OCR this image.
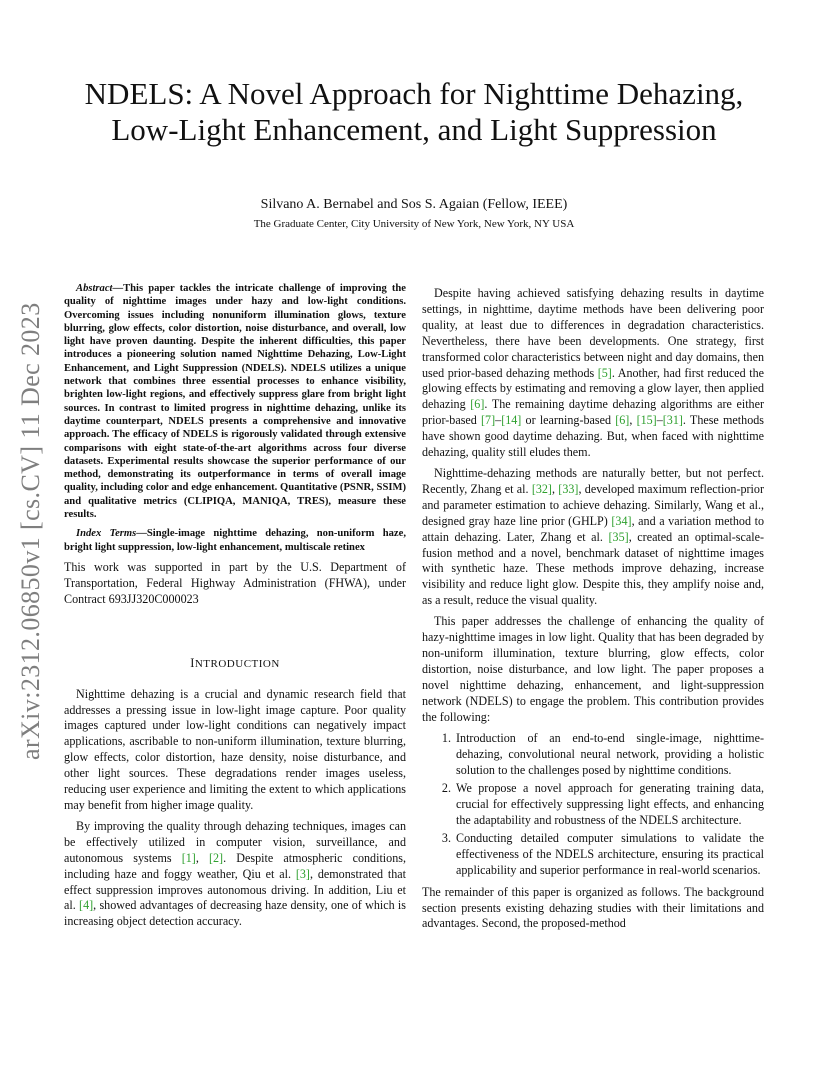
NDELS: A Novel Approach for Nighttime Dehazing, Low-Light Enhancement, and Light Suppression
Silvano A. Bernabel and Sos S. Agaian (Fellow, IEEE)
The Graduate Center, City University of New York, New York, NY USA
arXiv:2312.06850v1 [cs.CV] 11 Dec 2023

Abstract—This paper tackles the intricate challenge of improving the quality of nighttime images under hazy and low-light conditions. Overcoming issues including nonuniform illumination glows, texture blurring, glow effects, color distortion, noise disturbance, and overall, low light have proven daunting. Despite the inherent difficulties, this paper introduces a pioneering solution named Nighttime Dehazing, Low-Light Enhancement, and Light Suppression (NDELS). NDELS utilizes a unique network that combines three essential processes to enhance visibility, brighten low-light regions, and effectively suppress glare from bright light sources. In contrast to limited progress in nighttime dehazing, unlike its daytime counterpart, NDELS presents a comprehensive and innovative approach. The efficacy of NDELS is rigorously validated through extensive comparisons with eight state-of-the-art algorithms across four diverse datasets. Experimental results showcase the superior performance of our method, demonstrating its outperformance in terms of overall image quality, including color and edge enhancement. Quantitative (PSNR, SSIM) and qualitative metrics (CLIPIQA, MANIQA, TRES), measure these results.

Index Terms—Single-image nighttime dehazing, non-uniform haze, bright light suppression, low-light enhancement, multiscale retinex

This work was supported in part by the U.S. Department of Transportation, Federal Highway Administration (FHWA), under Contract 693JJ320C000023
INTRODUCTION

Nighttime dehazing is a crucial and dynamic research field that addresses a pressing issue in low-light image capture. Poor quality images captured under low-light conditions can negatively impact applications, ascribable to non-uniform illumination, texture blurring, glow effects, color distortion, haze density, noise disturbance, and other light sources. These degradations render images useless, reducing user experience and limiting the extent to which applications may benefit from higher image quality.

By improving the quality through dehazing techniques, images can be effectively utilized in computer vision, surveillance, and autonomous systems [1], [2]. Despite atmospheric conditions, including haze and foggy weather, Qiu et al. [3], demonstrated that effect suppression improves autonomous driving. In addition, Liu et al. [4], showed advantages of decreasing haze density, one of which is increasing object detection accuracy.

Despite having achieved satisfying dehazing results in daytime settings, in nighttime, daytime methods have been delivering poor quality, at least due to differences in degradation characteristics. Nevertheless, there have been developments. One strategy, first transformed color characteristics between night and day domains, then used prior-based dehazing methods [5]. Another, had first reduced the glowing effects by estimating and removing a glow layer, then applied dehazing [6]. The remaining daytime dehazing algorithms are either prior-based [7]–[14] or learning-based [6], [15]–[31]. These methods have shown good daytime dehazing. But, when faced with nighttime dehazing, quality still eludes them.

Nighttime-dehazing methods are naturally better, but not perfect. Recently, Zhang et al. [32], [33], developed maximum reflection-prior and parameter estimation to achieve dehazing. Similarly, Wang et al., designed gray haze line prior (GHLP) [34], and a variation method to attain dehazing. Later, Zhang et al. [35], created an optimal-scale-fusion method and a novel, benchmark dataset of nighttime images with synthetic haze. These methods improve dehazing, increase visibility and reduce light glow. Despite this, they amplify noise and, as a result, reduce the visual quality.

This paper addresses the challenge of enhancing the quality of hazy-nighttime images in low light. Quality that has been degraded by non-uniform illumination, texture blurring, glow effects, color distortion, noise disturbance, and low light. The paper proposes a novel nighttime dehazing, enhancement, and light-suppression network (NDELS) to engage the problem. This contribution provides the following:

1. Introduction of an end-to-end single-image, nighttime-dehazing, convolutional neural network, providing a holistic solution to the challenges posed by nighttime conditions.
2. We propose a novel approach for generating training data, crucial for effectively suppressing light effects, and enhancing the adaptability and robustness of the NDELS architecture.
3. Conducting detailed computer simulations to validate the effectiveness of the NDELS architecture, ensuring its practical applicability and superior performance in real-world scenarios.

The remainder of this paper is organized as follows. The background section presents existing dehazing studies with their limitations and advantages. Second, the proposed-method
